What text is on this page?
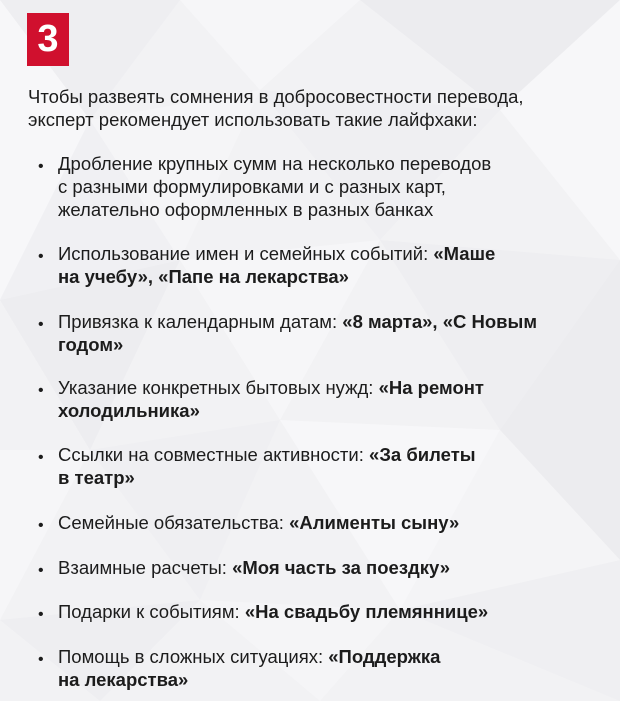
3

Чтобы развеять сомнения в добросовестности перевода,
эксперт рекомендует использовать такие лайфхаки:

• Дробление крупных сумм на несколько переводов
с разными формулировками и с разных карт,
желательно оформленных в разных банках
• Использование имен и семейных событий: «Маше
на учебу», «Папе на лекарства»
• Привязка к календарным датам: «8 марта», «С Новым
годом»
• Указание конкретных бытовых нужд: «На ремонт
холодильника»
• Ссылки на совместные активности: «За билеты
в театр»
• Семейные обязательства: «Алименты сыну»
• Взаимные расчеты: «Моя часть за поездку»
• Подарки к событиям: «На свадьбу племяннице»
• Помощь в сложных ситуациях: «Поддержка
на лекарства»
